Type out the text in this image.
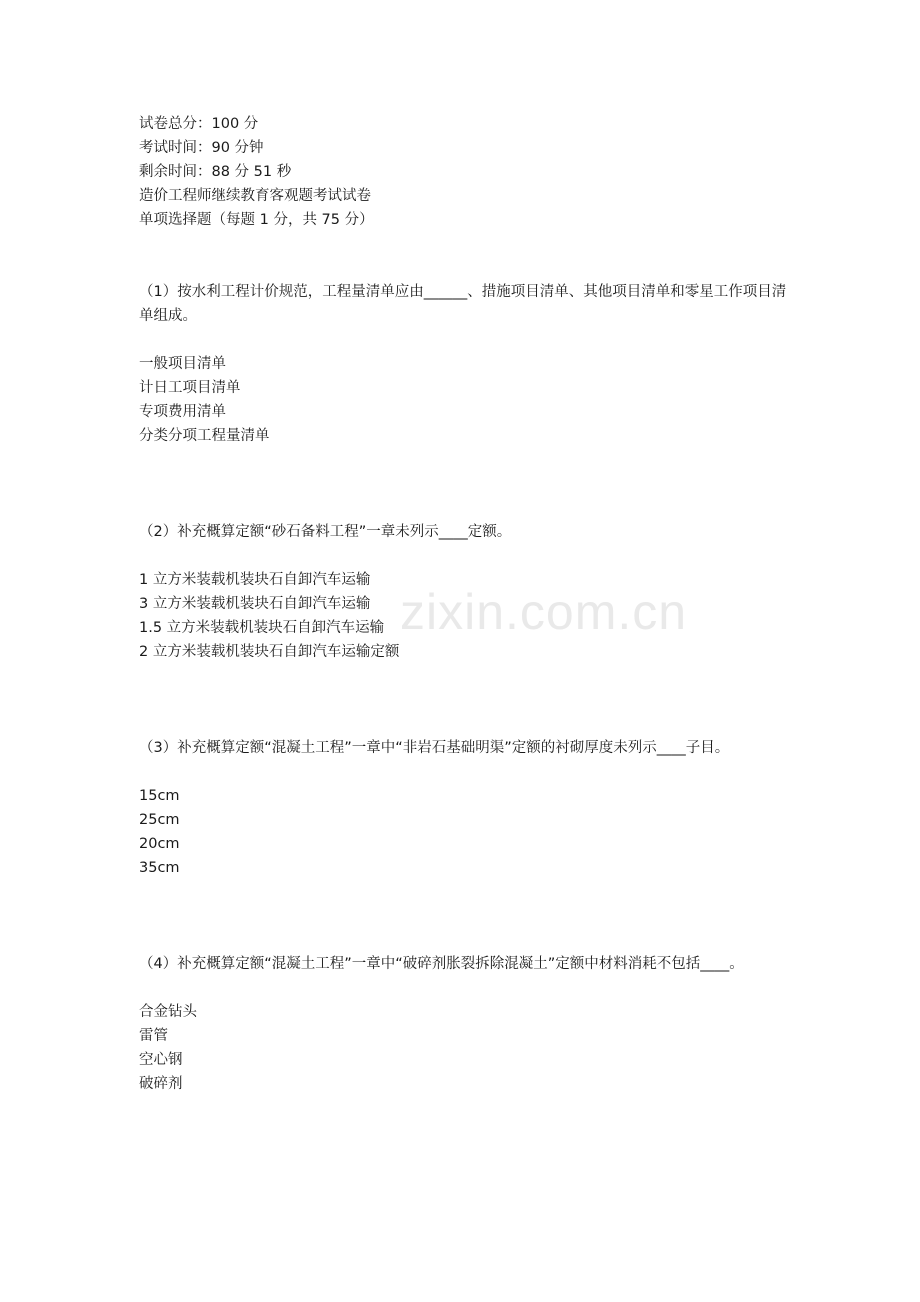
zixin.com.cn
试卷总分：100 分
考试时间：90 分钟
剩余时间：88 分 51 秒
造价工程师继续教育客观题考试试卷
单项选择题（每题 1 分，共 75 分）
（1）按水利工程计价规范，工程量清单应由______、措施项目清单、其他项目清单和零星工作项目清单组成。
一般项目清单
计日工项目清单
专项费用清单
分类分项工程量清单
（2）补充概算定额“砂石备料工程”一章未列示____定额。
1 立方米装载机装块石自卸汽车运输
3 立方米装载机装块石自卸汽车运输
1.5 立方米装载机装块石自卸汽车运输
2 立方米装载机装块石自卸汽车运输定额
（3）补充概算定额“混凝土工程”一章中“非岩石基础明渠”定额的衬砌厚度未列示____子目。
15cm
25cm
20cm
35cm
（4）补充概算定额“混凝土工程”一章中“破碎剂胀裂拆除混凝土”定额中材料消耗不包括____。
合金钻头
雷管
空心钢
破碎剂
